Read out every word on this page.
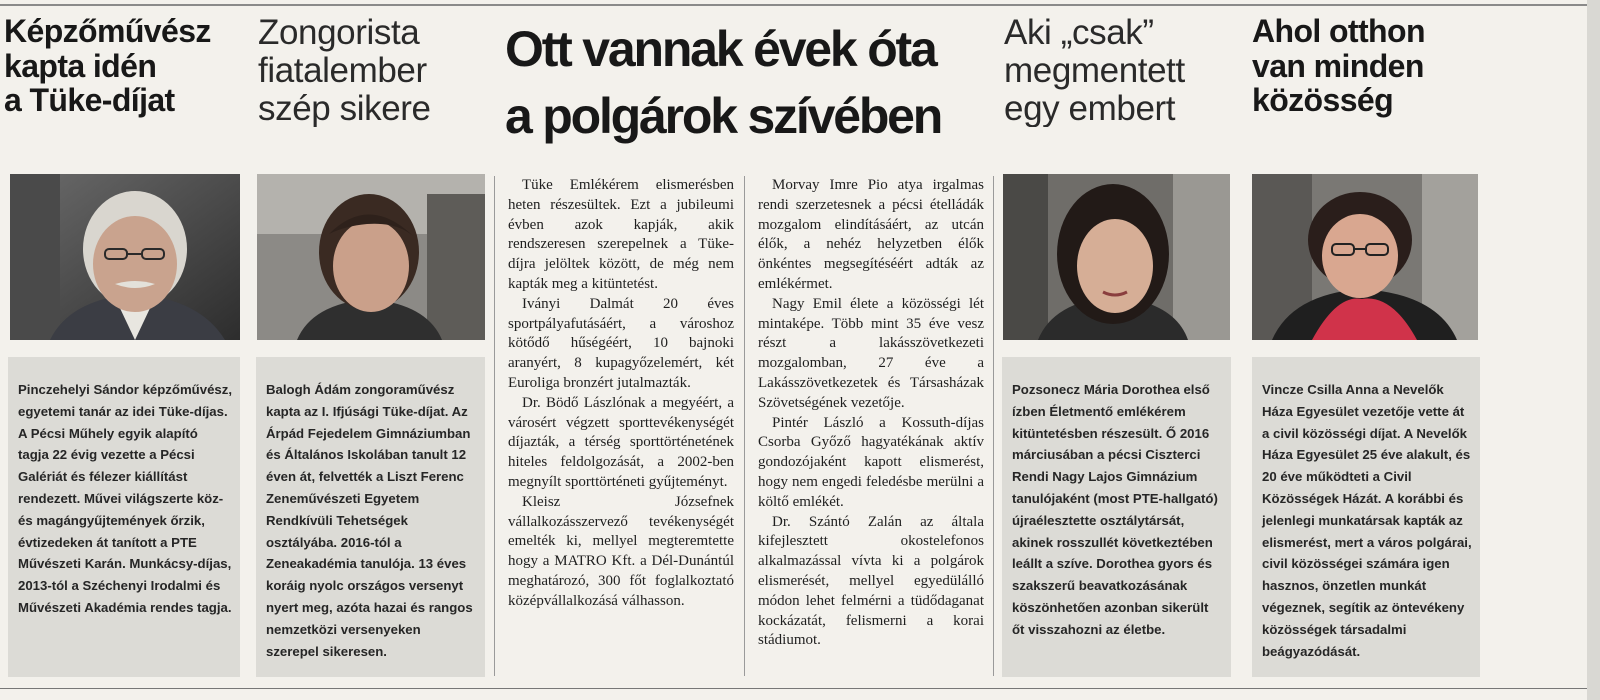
Képzőművész
kapta idén
a Tüke-díjat
Zongorista
fiatalember
szép sikere
Ott vannak évek óta
a polgárok szívében
Aki „csak”
megmentett
egy embert
Ahol otthon
van minden
közösség

Pinczehelyi Sándor képzőművész, egyetemi tanár az idei Tüke-díjas. A Pécsi Műhely egyik alapító tagja 22 évig vezette a Pécsi Galériát és félezer kiállítást rendezett. Művei világszerte köz- és magángyűjtemények őrzik, évtizedeken át tanított a PTE Művészeti Karán. Munkácsy-díjas, 2013-tól a Széchenyi Irodalmi és Művészeti Akadémia rendes tagja.

Balogh Ádám zongoraművész kapta az I. Ifjúsági Tüke-díjat. Az Árpád Fejedelem Gimnáziumban és Általános Iskolában tanult 12 éven át, felvették a Liszt Ferenc Zeneművészeti Egyetem Rendkívüli Tehetségek osztályába. 2016-tól a Zeneakadémia tanulója. 13 éves koráig nyolc országos versenyt nyert meg, azóta hazai és rangos nemzetközi versenyeken szerepel sikeresen.

Pozsonecz Mária Dorothea első ízben Életmentő emlékérem kitüntetésben részesült. Ő 2016 márciusában a pécsi Ciszterci Rendi Nagy Lajos Gimnázium tanulójaként (most PTE-hallgató) újraélesztette osztálytársát, akinek rosszullét következtében leállt a szíve. Dorothea gyors és szakszerű beavatkozásának köszönhetően azonban sikerült őt visszahozni az életbe.

Vincze Csilla Anna a Nevelők Háza Egyesület vezetője vette át a civil közösségi díjat. A Nevelők Háza Egyesület 25 éve alakult, és 20 éve működteti a Civil Közösségek Házát. A korábbi és jelenlegi munkatársak kapták az elismerést, mert a város polgárai, civil közösségei számára igen hasznos, önzetlen munkát végeznek, segítik az öntevékeny közösségek társadalmi beágyazódását.

Tüke Emlékérem elismerésben heten részesültek. Ezt a jubileumi évben azok kapják, akik rendszeresen szerepelnek a Tüke-díjra jelöltek között, de még nem kapták meg a kitüntetést.

Iványi Dalmát 20 éves sportpályafutásáért, a városhoz kötődő hűségéért, 10 bajnoki aranyért, 8 kupagyőzelemért, két Euroliga bronzért jutalmazták.

Dr. Bödő Lászlónak a megyéért, a városért végzett sporttevékenységét díjazták, a térség sporttörténetének hiteles feldolgozását, a 2002-ben megnyílt sporttörténeti gyűjteményt.

Kleisz Józsefnek vállalkozásszervező tevékenységét emelték ki, mellyel megteremtette hogy a MATRO Kft. a Dél-Dunántúl meghatározó, 300 főt foglalkoztató középvállalkozásá válhasson.

Morvay Imre Pio atya irgalmas rendi szerzetesnek a pécsi ételládák mozgalom elindításáért, az utcán élők, a nehéz helyzetben élők önkéntes megsegítéséért adták az emlékérmet.

Nagy Emil élete a közösségi lét mintaképe. Több mint 35 éve vesz részt a lakásszövetkezeti mozgalomban, 27 éve a Lakásszövetkezetek és Társasházak Szövetségének vezetője.

Pintér László a Kossuth-díjas Csorba Győző hagyatékának aktív gondozójaként kapott elismerést, hogy nem engedi feledésbe merülni a költő emlékét.

Dr. Szántó Zalán az általa kifejlesztett okostelefonos alkalmazással vívta ki a polgárok elismerését, mellyel egyedülálló módon lehet felmérni a tüdődaganat kockázatát, felismerni a korai stádiumot.
